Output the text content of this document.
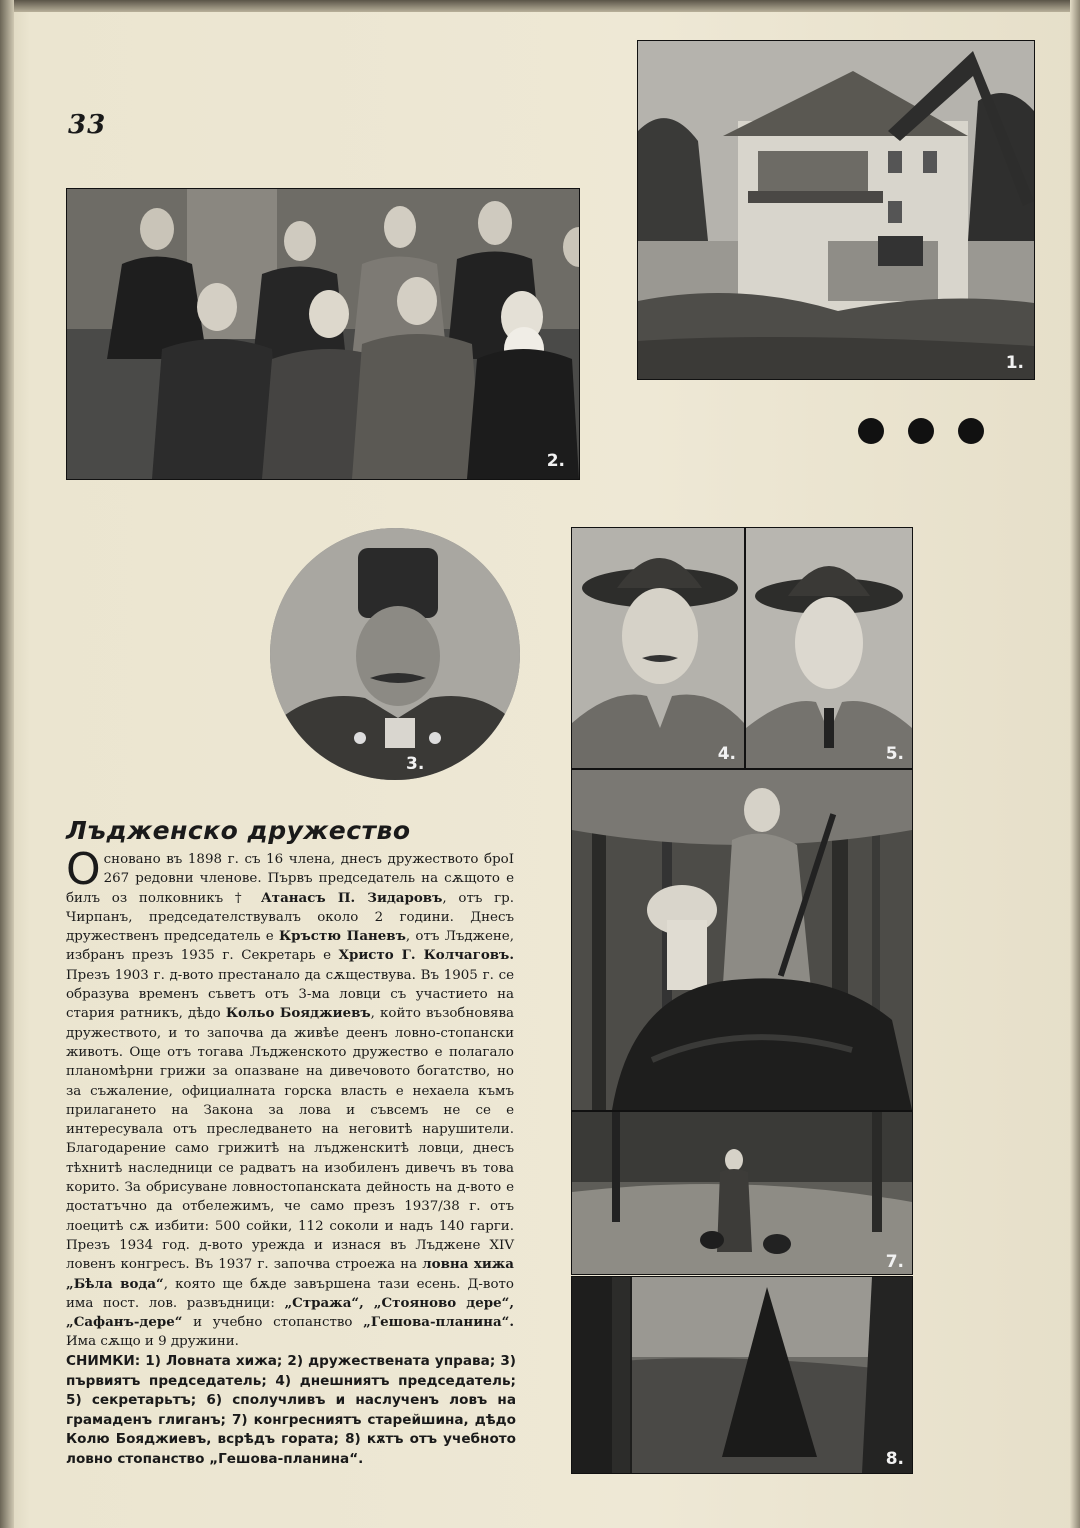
33
2.
1.
3.	4.	5.
7.
8.
Лъдженско дружество
Основано въ 1898 г. съ 16 члена, днесъ дружеството броI 267 редовни членове. Първъ председатель на сѫщото е билъ оз полковникъ † Атанасъ П. Зидаровъ, отъ гр. Чирпанъ, председателствувалъ около 2 години. Днесъ дружественъ председатель е Кръстю Паневъ, отъ Лъджене, избранъ презъ 1935 г. Секретарь е Христо Г. Колчаговъ. Презъ 1903 г. д-вото престанало да сѫществува. Въ 1905 г. се образува временъ съветъ отъ 3-ма ловци съ участието на стария ратникъ, дѣдо Кольо Бояджиевъ, който възобновява дружеството, и то започва да живѣе деенъ ловно-стопански животъ. Още отъ тогава Лъдженското дружество е полагало планомѣрни грижи за опазване на дивечовото богатство, но за съжаление, официалната горска власть е нехаела къмъ прилагането на Закона за лова и съвсемъ не се е интересувала отъ преследването на неговитѣ нарушители. Благодарение само грижитѣ на лъдженскитѣ ловци, днесъ тѣхнитѣ наследници се радватъ на изобиленъ дивечъ въ това корито. За обрисуване ловностопанската дейность на д-вото е достатъчно да отбележимъ, че само презъ 1937/38 г. отъ лоецитѣ сѫ избити: 500 сойки, 112 соколи и надъ 140 гарги. Презъ 1934 год. д-вото урежда и изнася въ Лъджене XIV ловенъ конгресъ. Въ 1937 г. започва строежа на ловна хижа „Бѣла вода“, която ще бѫде завършена тази есень. Д-вото има пост. лов. развъдници: „Стража“, „Стояново дере“, „Сафанъ-дере“ и учебно стопанство „Гешова-планина“. Има сѫщо и 9 дружини.
СНИМКИ: 1) Ловната хижа; 2) дружествената управа; 3) първиятъ председатель; 4) днешниятъ председатель; 5) секретарьтъ; 6) сполучливъ и наслученъ ловъ на грамаденъ глиганъ; 7) конгресниятъ старейшина, дѣдо Колю Бояджиевъ, всрѣдъ гората; 8) кѫтъ отъ учебното ловно стопанство „Гешова-планина“.
